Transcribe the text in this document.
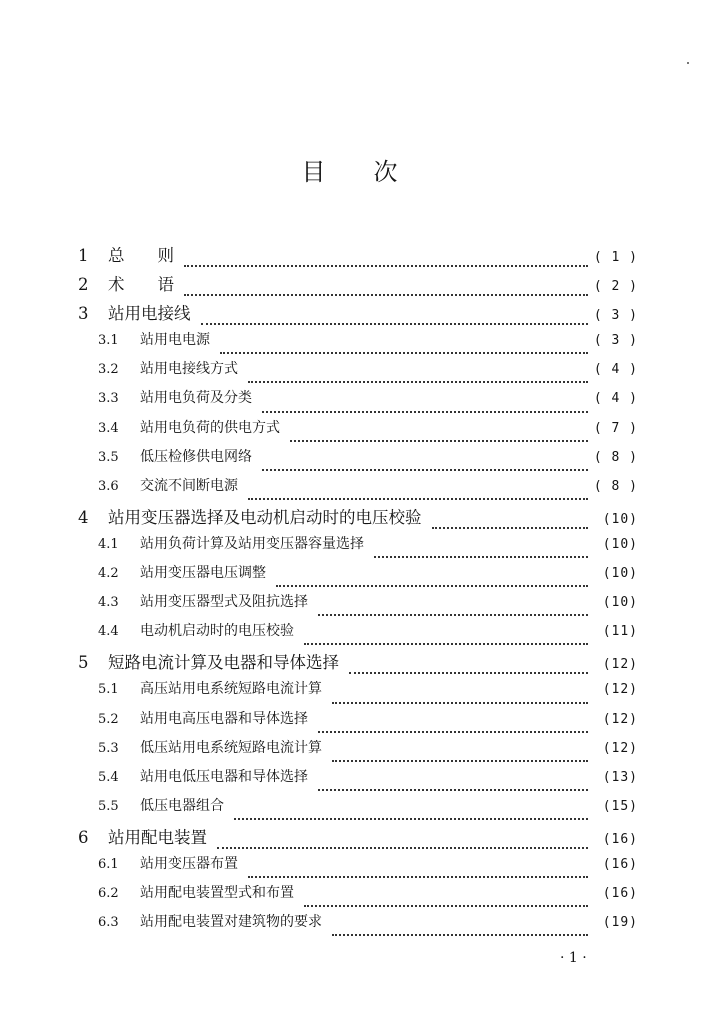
目 次
1	总　　则	( 1 )
2	术　　语	( 2 )
3	站用电接线	( 3 )
3.1	站用电电源	( 3 )
3.2	站用电接线方式	( 4 )
3.3	站用电负荷及分类	( 4 )
3.4	站用电负荷的供电方式	( 7 )
3.5	低压检修供电网络	( 8 )
3.6	交流不间断电源	( 8 )
4	站用变压器选择及电动机启动时的电压校验	(10)
4.1	站用负荷计算及站用变压器容量选择	(10)
4.2	站用变压器电压调整	(10)
4.3	站用变压器型式及阻抗选择	(10)
4.4	电动机启动时的电压校验	(11)
5	短路电流计算及电器和导体选择	(12)
5.1	高压站用电系统短路电流计算	(12)
5.2	站用电高压电器和导体选择	(12)
5.3	低压站用电系统短路电流计算	(12)
5.4	站用电低压电器和导体选择	(13)
5.5	低压电器组合	(15)
6	站用配电装置	(16)
6.1	站用变压器布置	(16)
6.2	站用配电装置型式和布置	(16)
6.3	站用配电装置对建筑物的要求	(19)
· 1 ·
